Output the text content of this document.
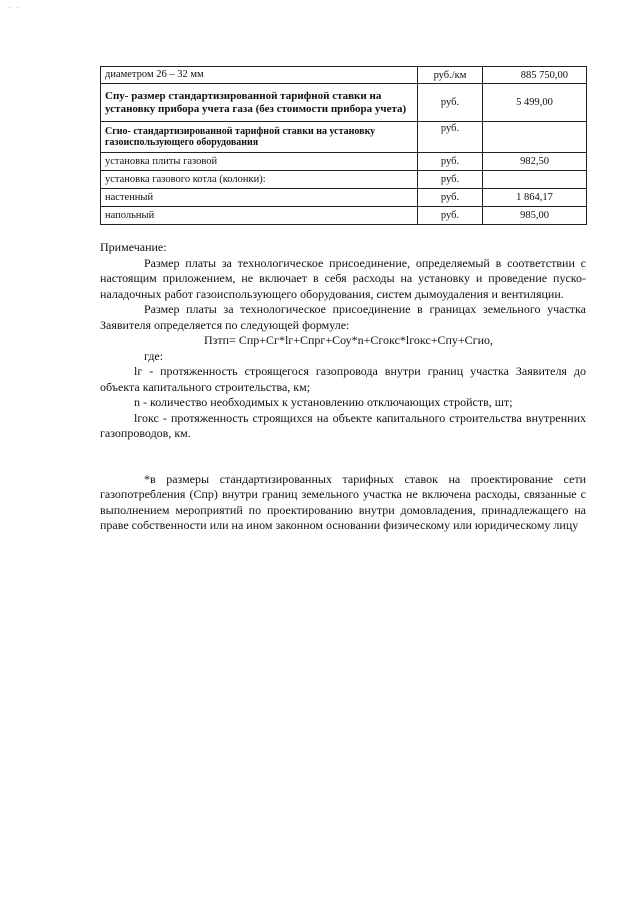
· ·
диаметром 26 – 32 мм	руб./км	885 750,00
Спу- размер стандартизированной тарифной ставки на установку прибора учета газа (без стоимости прибора учета)	руб.	5 499,00
Сгио- стандартизированной тарифной ставки на установку газоиспользующего оборудования	руб.	
установка плиты газовой	руб.	982,50
установка газового котла (колонки):	руб.	
настенный	руб.	1 864,17
напольный	руб.	985,00

Примечание:

Размер платы за технологическое присоединение, определяемый в соответствии с настоящим приложением, не включает в себя расходы на установку и проведение пуско-наладочных работ газоиспользующего оборудования, систем дымоудаления и вентиляции.

Размер платы за технологическое присоединение в границах земельного участка Заявителя определяется по следующей формуле:

Пзтп= Спр+Сг*lг+Спрг+Соу*n+Сгокс*lгокс+Спу+Сгио,

где:

lг - протяженность строящегося газопровода внутри границ участка Заявителя до объекта капитального строительства, км;

n - количество необходимых к установлению отключающих стройств, шт;

lгокс - протяженность строящихся на объекте капитального строительства внутренних газопроводов, км.

*в размеры стандартизированных тарифных ставок на проектирование сети газопотребления (Спр) внутри границ земельного участка не включена расходы, связанные с выполнением мероприятий по проектированию внутри домовладения, принадлежащего на праве собственности или на ином законном основании физическому или юридическому лицу
